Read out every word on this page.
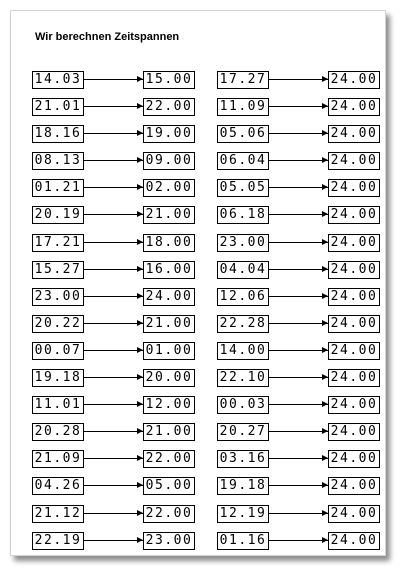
Wir berechnen Zeitspannen
14.03	15.00
21.01	22.00
18.16	19.00
08.13	09.00
01.21	02.00
20.19	21.00
17.21	18.00
15.27	16.00
23.00	24.00
20.22	21.00
00.07	01.00
19.18	20.00
11.01	12.00
20.28	21.00
21.09	22.00
04.26	05.00
21.12	22.00
22.19	23.00
17.27	24.00
11.09	24.00
05.06	24.00
06.04	24.00
05.05	24.00
06.18	24.00
23.00	24.00
04.04	24.00
12.06	24.00
22.28	24.00
14.00	24.00
22.10	24.00
00.03	24.00
20.27	24.00
03.16	24.00
19.18	24.00
12.19	24.00
01.16	24.00
